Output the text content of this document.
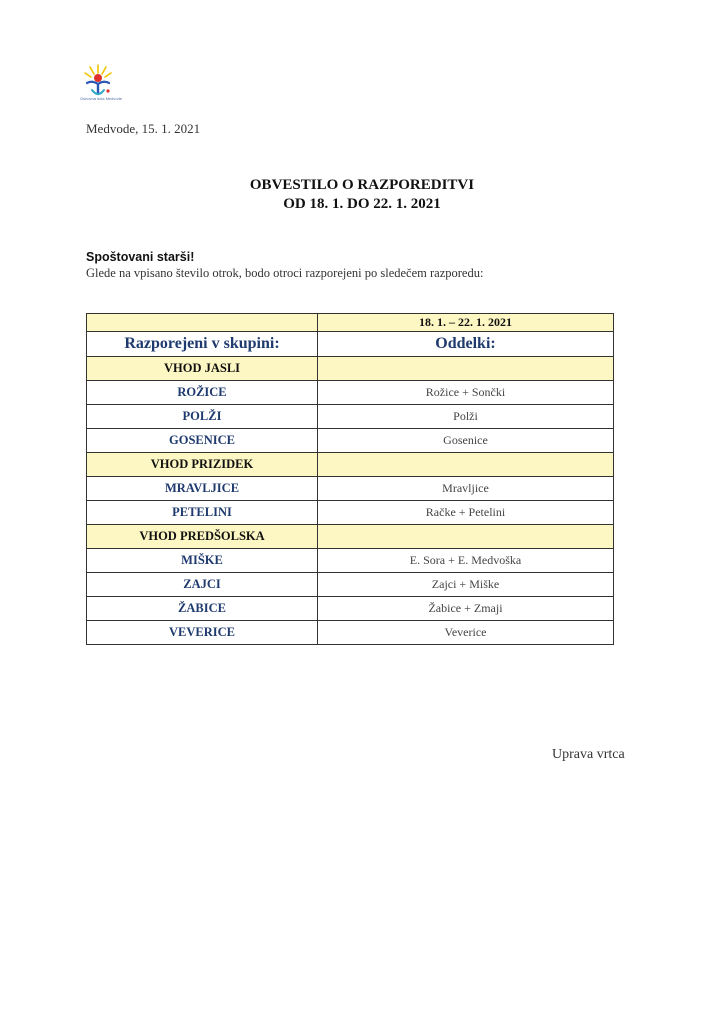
Osnovna šola Medvode
Medvode, 15. 1. 2021
OBVESTILO O RAZPOREDITVI
OD 18. 1. DO 22. 1. 2021
Spoštovani starši!
Glede na vpisano število otrok, bodo otroci razporejeni po sledečem razporedu:
	18. 1. – 22. 1. 2021
Razporejeni v skupini:	Oddelki:
VHOD JASLI	
ROŽICE	Rožice + Sončki
POLŽI	Polži
GOSENICE	Gosenice
VHOD PRIZIDEK	
MRAVLJICE	Mravljice
PETELINI	Račke + Petelini
VHOD PREDŠOLSKA	
MIŠKE	E. Sora + E. Medvoška
ZAJCI	Zajci + Miške
ŽABICE	Žabice + Zmaji
VEVERICE	Veverice
Uprava vrtca
